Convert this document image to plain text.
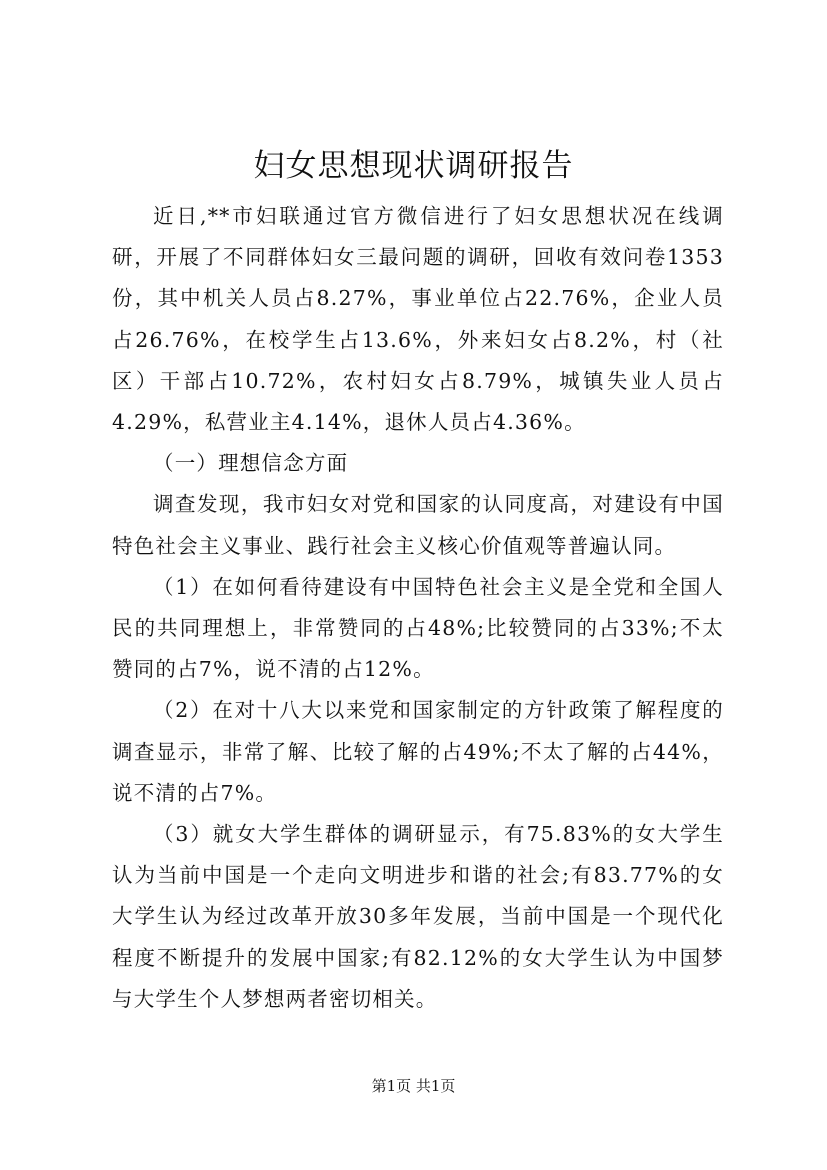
妇女思想现状调研报告

近日,**市妇联通过官方微信进行了妇女思想状况在线调研，开展了不同群体妇女三最问题的调研，回收有效问卷1353份，其中机关人员占8.27%，事业单位占22.76%，企业人员占26.76%，在校学生占13.6%，外来妇女占8.2%，村（社区）干部占10.72%，农村妇女占8.79%，城镇失业人员占4.29%，私营业主4.14%，退休人员占4.36%。

（一）理想信念方面

调查发现，我市妇女对党和国家的认同度高，对建设有中国特色社会主义事业、践行社会主义核心价值观等普遍认同。

（1）在如何看待建设有中国特色社会主义是全党和全国人民的共同理想上，非常赞同的占48%;比较赞同的占33%;不太赞同的占7%，说不清的占12%。

（2）在对十八大以来党和国家制定的方针政策了解程度的调查显示，非常了解、比较了解的占49%;不太了解的占44%，说不清的占7%。

（3）就女大学生群体的调研显示，有75.83%的女大学生认为当前中国是一个走向文明进步和谐的社会;有83.77%的女大学生认为经过改革开放30多年发展，当前中国是一个现代化程度不断提升的发展中国家;有82.12%的女大学生认为中国梦与大学生个人梦想两者密切相关。

第1页 共1页
